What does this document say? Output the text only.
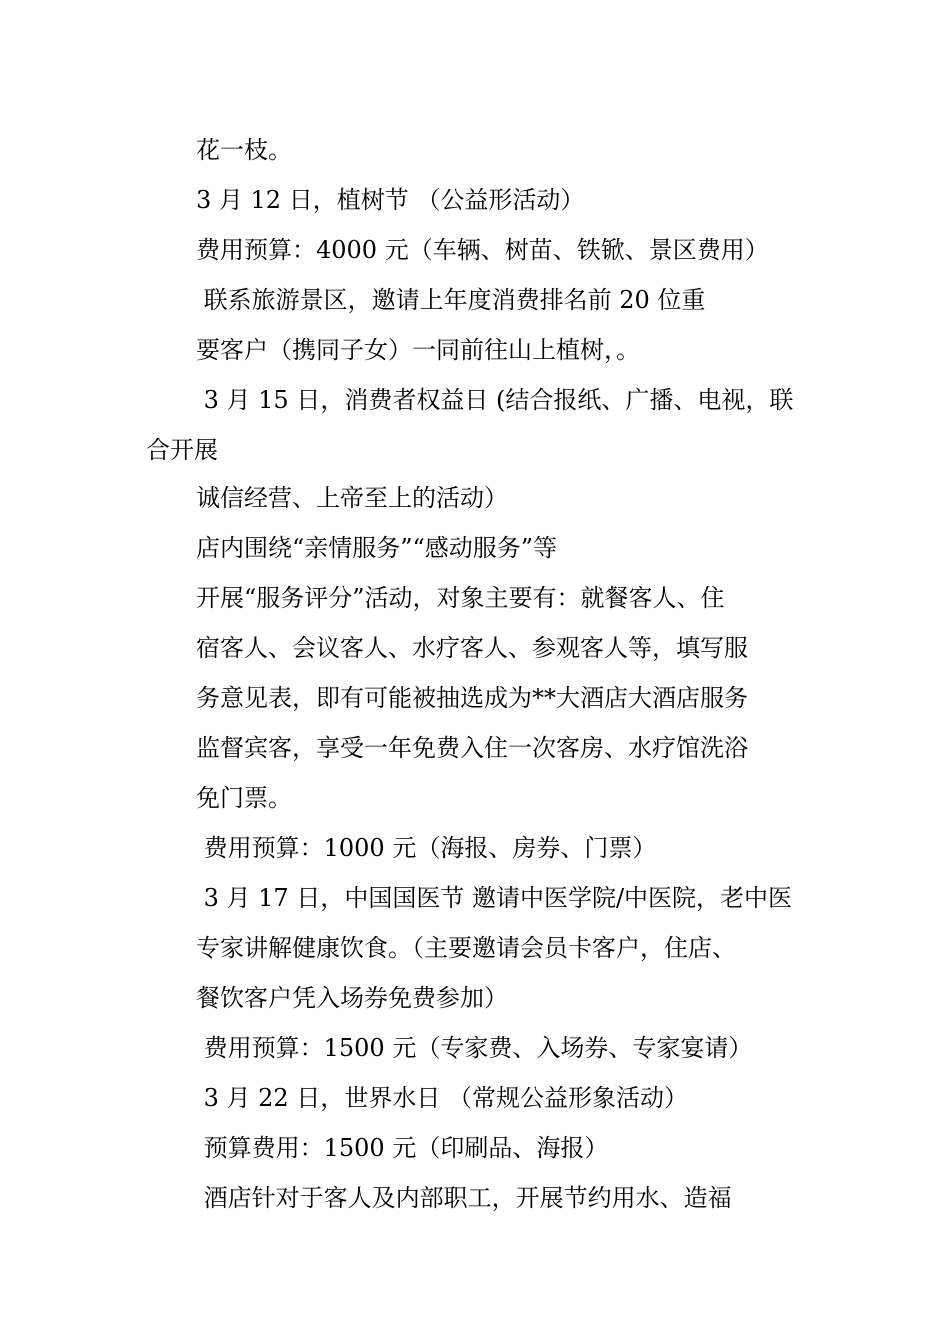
花一枝。
3 月 12 日，植树节 （公益形活动）
费用预算：4000 元（车辆、树苗、铁锨、景区费用）
联系旅游景区，邀请上年度消费排名前 20 位重
要客户（携同子女）一同前往山上植树，。
3 月 15 日，消费者权益日 (结合报纸、广播、电视，联
合开展
诚信经营、上帝至上的活动）
店内围绕“亲情服务”“感动服务”等
开展“服务评分”活动，对象主要有：就餐客人、住
宿客人、会议客人、水疗客人、参观客人等，填写服
务意见表，即有可能被抽选成为**大酒店大酒店服务
监督宾客，享受一年免费入住一次客房、水疗馆洗浴
免门票。
费用预算：1000 元（海报、房券、门票）
3 月 17 日，中国国医节 邀请中医学院/中医院，老中医
专家讲解健康饮食。（主要邀请会员卡客户，住店、
餐饮客户凭入场券免费参加）
费用预算：1500 元（专家费、入场券、专家宴请）
3 月 22 日，世界水日 （常规公益形象活动）
预算费用：1500 元（印刷品、海报）
酒店针对于客人及内部职工，开展节约用水、造福
